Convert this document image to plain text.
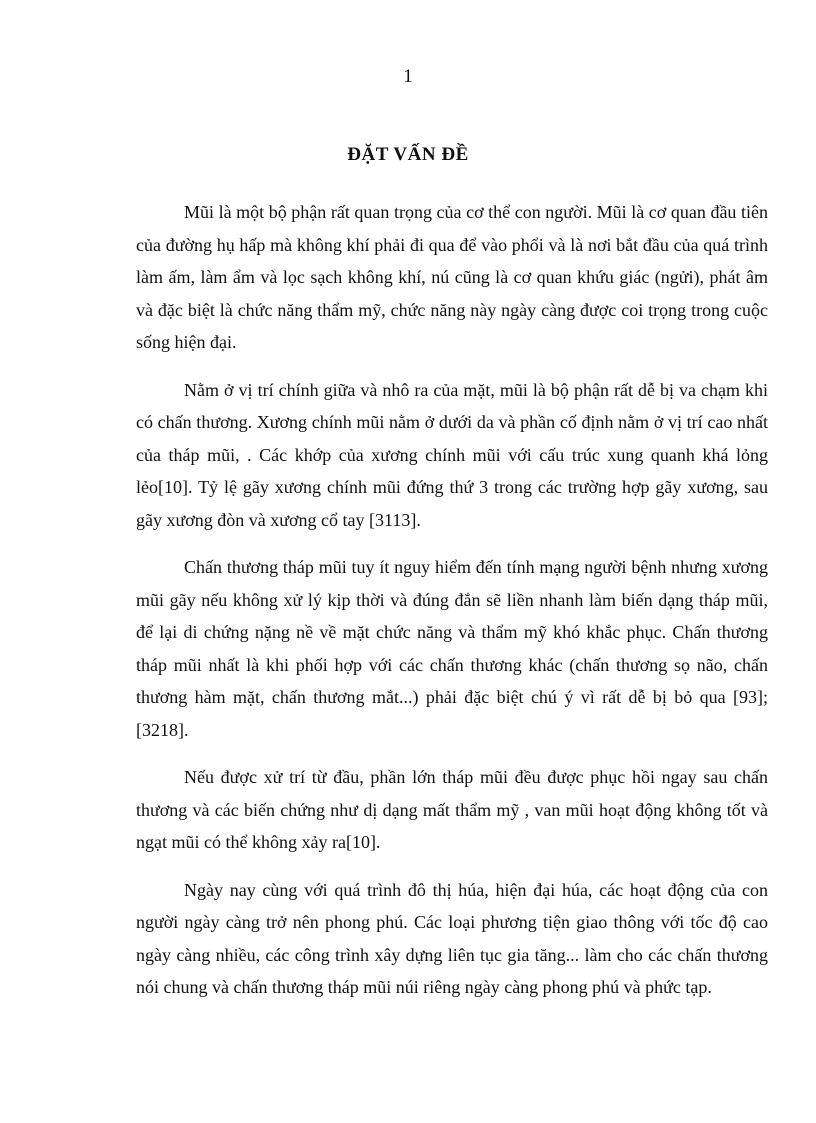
1
ĐẶT VẤN ĐỀ

Mũi là một bộ phận rất quan trọng của cơ thể con người. Mũi là cơ quan đầu tiên của đường hụ hấp mà không khí phải đi qua để vào phổi và là nơi bắt đầu của quá trình làm ấm, làm ẩm và lọc sạch không khí, nú cũng là cơ quan khứu giác (ngửi), phát âm và đặc biệt là chức năng thẩm mỹ, chức năng này ngày càng được coi trọng trong cuộc sống hiện đại.

Nằm ở vị trí chính giữa và nhô ra của mặt, mũi là bộ phận rất dễ bị va chạm khi có chấn thương. Xương chính mũi nằm ở dưới da và phần cố định nằm ở vị trí cao nhất của tháp mũi, . Các khớp của xương chính mũi với cấu trúc xung quanh khá lỏng lẻo[10]. Tỷ lệ gãy xương chính mũi đứng thứ 3 trong các trường hợp gãy xương, sau gãy xương đòn và xương cổ tay [3113].

Chấn thương tháp mũi tuy ít nguy hiểm đến tính mạng người bệnh nhưng xương mũi gãy nếu không xử lý kịp thời và đúng đắn sẽ liền nhanh làm biến dạng tháp mũi, để lại di chứng nặng nề về mặt chức năng và thẩm mỹ khó khắc phục. Chấn thương tháp mũi nhất là khi phối hợp với các chấn thương khác (chấn thương sọ não, chấn thương hàm mặt, chấn thương mắt...) phải đặc biệt chú ý vì rất dễ bị bỏ qua [93]; [3218].

Nếu được xử trí từ đầu, phần lớn tháp mũi đều được phục hồi ngay sau chấn thương và các biến chứng như dị dạng mất thẩm mỹ , van mũi hoạt động không tốt và ngạt mũi có thể không xảy ra[10].

Ngày nay cùng với quá trình đô thị húa, hiện đại húa, các hoạt động của con người ngày càng trở nên phong phú. Các loại phương tiện giao thông với tốc độ cao ngày càng nhiều, các công trình xây dựng liên tục gia tăng... làm cho các chấn thương nói chung và chấn thương tháp mũi núi riêng ngày càng phong phú và phức tạp.
